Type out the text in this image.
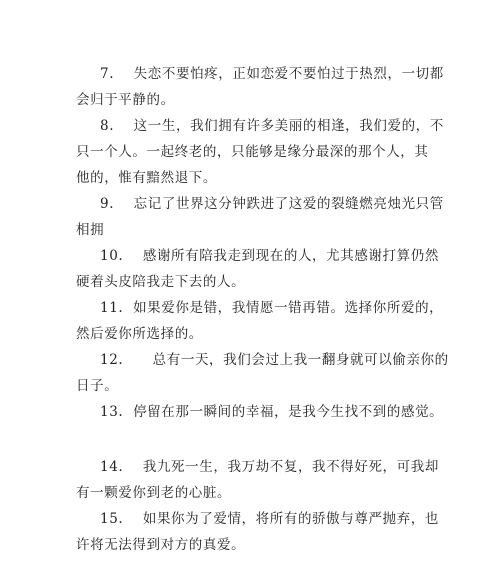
7. 失恋不要怕疼，正如恋爱不要怕过于热烈，一切都
会归于平静的。
8. 这一生，我们拥有许多美丽的相逢，我们爱的，不
只一个人。一起终老的，只能够是缘分最深的那个人，其
他的，惟有黯然退下。
9. 忘记了世界这分钟跌进了这爱的裂缝燃亮烛光只管
相拥
10. 感谢所有陪我走到现在的人，尤其感谢打算仍然
硬着头皮陪我走下去的人。
11. 如果爱你是错，我情愿一错再错。选择你所爱的，
然后爱你所选择的。
12. 总有一天，我们会过上我一翻身就可以偷亲你的
日子。
13. 停留在那一瞬间的幸福，是我今生找不到的感觉。
14. 我九死一生，我万劫不复，我不得好死，可我却
有一颗爱你到老的心脏。
15. 如果你为了爱情，将所有的骄傲与尊严抛弃，也
许将无法得到对方的真爱。
